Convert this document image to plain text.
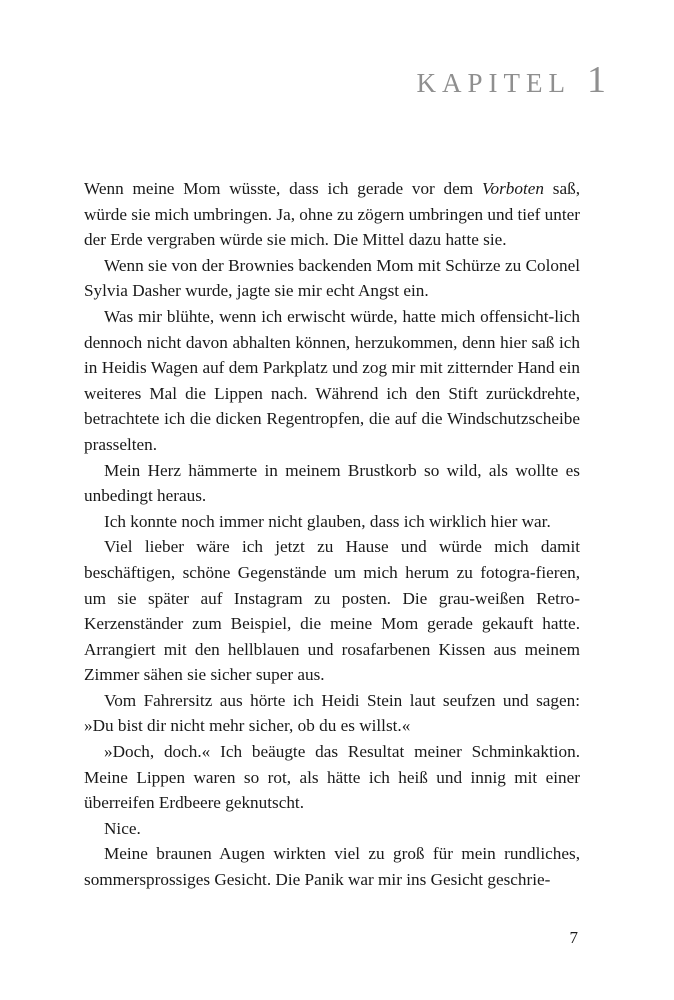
kapitel 1

Wenn meine Mom wüsste, dass ich gerade vor dem Vorboten saß, würde sie mich umbringen. Ja, ohne zu zögern umbringen und tief unter der Erde vergraben würde sie mich. Die Mittel dazu hatte sie.

Wenn sie von der Brownies backenden Mom mit Schürze zu Colonel Sylvia Dasher wurde, jagte sie mir echt Angst ein.

Was mir blühte, wenn ich erwischt würde, hatte mich offensicht-lich dennoch nicht davon abhalten können, herzukommen, denn hier saß ich in Heidis Wagen auf dem Parkplatz und zog mir mit zitternder Hand ein weiteres Mal die Lippen nach. Während ich den Stift zurückdrehte, betrachtete ich die dicken Regentropfen, die auf die Windschutzscheibe prasselten.

Mein Herz hämmerte in meinem Brustkorb so wild, als wollte es unbedingt heraus.

Ich konnte noch immer nicht glauben, dass ich wirklich hier war.

Viel lieber wäre ich jetzt zu Hause und würde mich damit beschäftigen, schöne Gegenstände um mich herum zu fotogra-fieren, um sie später auf Instagram zu posten. Die grau-weißen Retro-Kerzenständer zum Beispiel, die meine Mom gerade gekauft hatte. Arrangiert mit den hellblauen und rosafarbenen Kissen aus meinem Zimmer sähen sie sicher super aus.

Vom Fahrersitz aus hörte ich Heidi Stein laut seufzen und sagen: »Du bist dir nicht mehr sicher, ob du es willst.«

»Doch, doch.« Ich beäugte das Resultat meiner Schminkaktion. Meine Lippen waren so rot, als hätte ich heiß und innig mit einer überreifen Erdbeere geknutscht.

Nice.

Meine braunen Augen wirkten viel zu groß für mein rundliches, sommersprossiges Gesicht. Die Panik war mir ins Gesicht geschrie-

7
